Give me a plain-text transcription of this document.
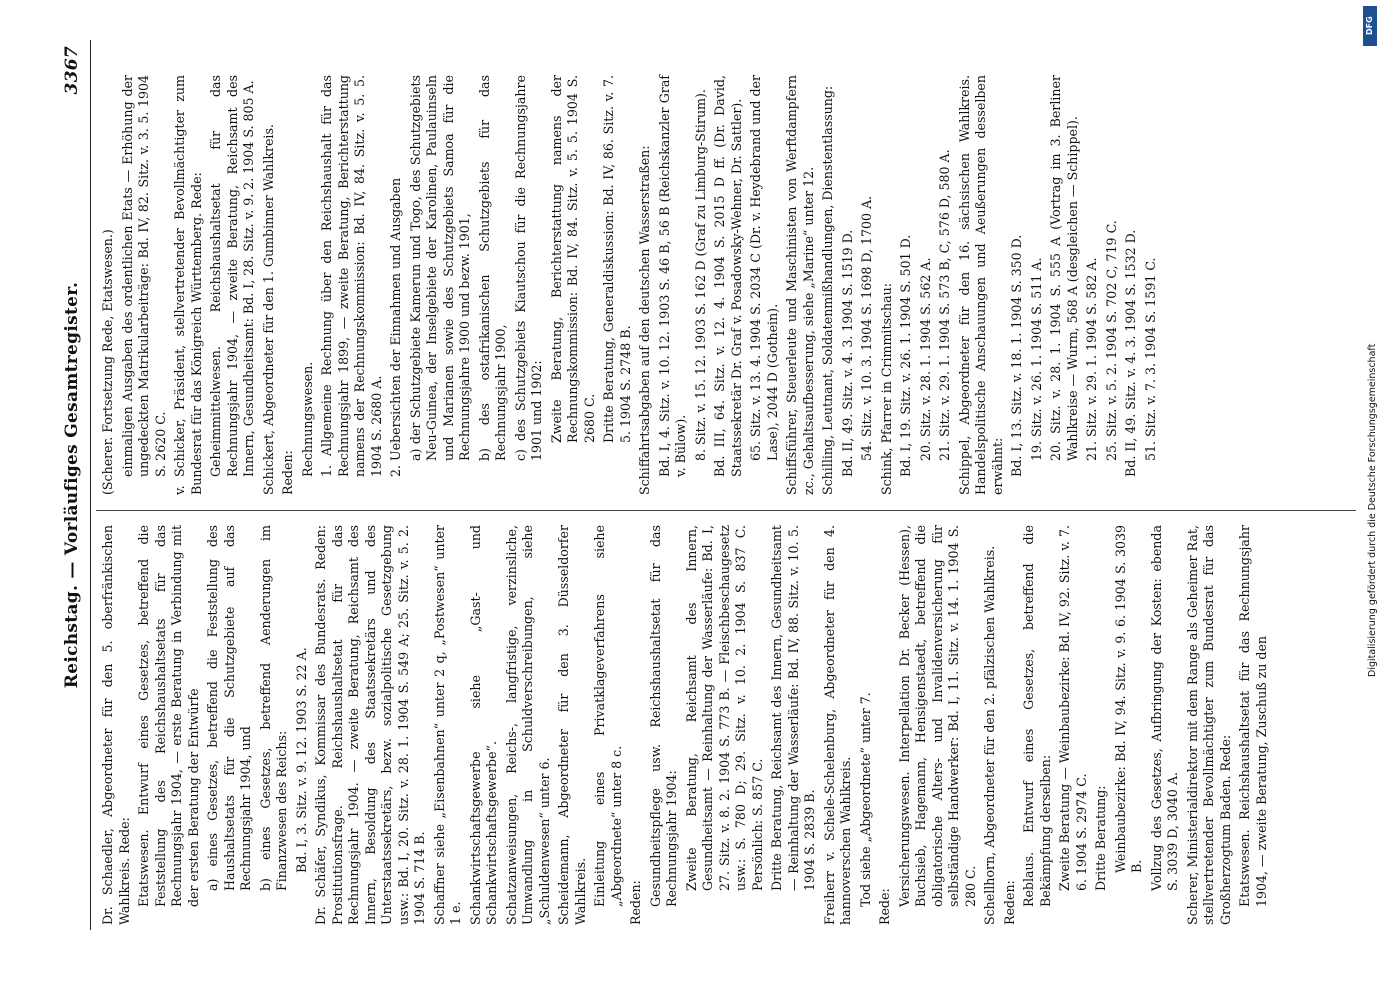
Reichstag. — Vorläufiges Gesamtregister.
3367

Dr. Schaedler, Abgeordneter für den 5. oberfränkischen Wahlkreis. Rede: Etatswesen. Entwurf eines Gesetzes, betreffend die Feststellung des Reichshaushaltsetats für das Rechnungsjahr 1904, — erste Beratung in Verbindung mit der ersten Beratung der Entwürfe a) eines Gesetzes, betreffend die Feststellung des Haushaltsetats für die Schutzgebiete auf das Rechnungsjahr 1904, und b) eines Gesetzes, betreffend Aenderungen im Finanzwesen des Reichs: Bd. I, 3. Sitz. v. 9. 12. 1903 S. 22 A. Dr. Schäfer, Syndikus, Kommissar des Bundesrats. Reden: Prostitutionsfrage. Reichshaushaltsetat für das Rechnungsjahr 1904. — zweite Beratung, Reichsamt des Innern, Besoldung des Staatssekretärs und des Unterstaatssekretärs, bezw. sozialpolitische Gesetzgebung usw.: Bd. I, 20. Sitz. v. 28. 1. 1904 S. 549 A; 25. Sitz. v. 5. 2. 1904 S. 714 B. Schaffner siehe „Eisenbahnen“ unter 2 q, „Postwesen“ unter 1 e. Schankwirtschaftsgewerbe siehe „Gast- und Schankwirtschaftsgewerbe“. Schatzanweisungen, Reichs-, langfristige, verzinsliche, Umwandlung in Schuldverschreibungen, siehe „Schuldenwesen“ unter 6. Scheidemann, Abgeordneter für den 3. Düsseldorfer Wahlkreis. Einleitung eines Privatklageverfahrens siehe „Abgeordnete“ unter 8 c. Reden: Gesundheitspflege usw. Reichshaushaltsetat für das Rechnungsjahr 1904: Zweite Beratung, Reichsamt des Innern, Gesundheitsamt — Reinhaltung der Wasserläufe: Bd. I, 27. Sitz. v. 8. 2. 1904 S. 773 B. — Fleischbeschaugesetz usw.: S. 780 D; 29. Sitz. v. 10. 2. 1904 S. 837 C. Persönlich: S. 857 C. Dritte Beratung, Reichsamt des Innern, Gesundheitsamt — Reinhaltung der Wasserläufe: Bd. IV, 88. Sitz. v. 10. 5. 1904 S. 2839 B. Freiherr v. Schele-Schelenburg, Abgeordneter für den 4. hannoverschen Wahlkreis. Tod siehe „Abgeordnete“ unter 7. Rede: Versicherungswesen. Interpellation Dr. Becker (Hessen), Buchsieb, Hagemann, Hensigenstaedt, betreffend die obligatorische Alters- und Invalidenversicherung für selbständige Handwerker: Bd. I, 11. Sitz. v. 14. 1. 1904 S. 280 C. Schellhorn, Abgeordneter für den 2. pfälzischen Wahlkreis. Reden: Reblaus. Entwurf eines Gesetzes, betreffend die Bekämpfung derselben: Zweite Beratung — Weinbaubezirke: Bd. IV, 92. Sitz. v. 7. 6. 1904 S. 2974 C. Dritte Beratung: Weinbaubezirke: Bd. IV, 94. Sitz. v. 9. 6. 1904 S. 3039 B. Vollzug des Gesetzes, Aufbringung der Kosten: ebenda S. 3039 D, 3040 A. Scherer, Ministerialdirektor mit dem Range als Geheimer Rat, stellvertretender Bevollmächtigter zum Bundesrat für das Großherzogtum Baden. Rede: Etatswesen. Reichshaushaltsetat für das Rechnungsjahr 1904, — zweite Beratung, Zuschuß zu den

(Scherer. Fortsetzung Rede, Etatswesen.) einmaligen Ausgaben des ordentlichen Etats — Erhöhung der ungedeckten Matrikularbeiträge: Bd. IV, 82. Sitz. v. 3. 5. 1904 S. 2620 C. v. Schicker, Präsident, stellvertretender Bevollmächtigter zum Bundesrat für das Königreich Württemberg. Rede: Geheimmittelwesen. Reichshaushaltsetat für das Rechnungsjahr 1904, — zweite Beratung, Reichsamt des Innern, Gesundheitsamt: Bd. I, 28. Sitz. v. 9. 2. 1904 S. 805 A. Schickert, Abgeordneter für den 1. Gumbinner Wahlkreis. Reden: Rechnungswesen. 1. Allgemeine Rechnung über den Reichshaushalt für das Rechnungsjahr 1899, — zweite Beratung, Berichterstattung namens der Rechnungskommission: Bd. IV, 84. Sitz. v. 5. 5. 1904 S. 2680 A. 2. Uebersichten der Einnahmen und Ausgaben a) der Schutzgebiete Kamerun und Togo, des Schutzgebiets Neu-Guinea, der Inselgebiete der Karolinen, Paulauinseln und Marianen sowie des Schutzgebiets Samoa für die Rechnungsjahre 1900 und bezw. 1901, b) des ostafrikanischen Schutzgebiets für das Rechnungsjahr 1900, c) des Schutzgebiets Kiautschou für die Rechnungsjahre 1901 und 1902: Zweite Beratung, Berichterstattung namens der Rechnungskommission: Bd. IV, 84. Sitz. v. 5. 5. 1904 S. 2680 C. Dritte Beratung, Generaldiskussion: Bd. IV, 86. Sitz. v. 7. 5. 1904 S. 2748 B. Schiffahrtsabgaben auf den deutschen Wasserstraßen: Bd. I, 4. Sitz. v. 10. 12. 1903 S. 46 B, 56 B (Reichskanzler Graf v. Bülow). 8. Sitz. v. 15. 12. 1903 S. 162 D (Graf zu Limburg-Stirum). Bd. III, 64. Sitz. v. 12. 4. 1904 S. 2015 D ff. (Dr. David, Staatssekretär Dr. Graf v. Posadowsky-Wehner, Dr. Sattler). 65. Sitz. v. 13. 4. 1904 S. 2034 C (Dr. v. Heydebrand und der Lase), 2044 D (Gothein). Schiffsführer, Steuerleute und Maschinisten von Werftdampfern zc., Gehaltsaufbesserung, siehe „Marine“ unter 12. Schilling, Leutnant, Soldatenmißhandlungen, Dienstentlassung: Bd. II, 49. Sitz. v. 4. 3. 1904 S. 1519 D. 54. Sitz. v. 10. 3. 1904 S. 1698 D, 1700 A. Schink, Pfarrer in Crimmitschau: Bd. I, 19. Sitz. v. 26. 1. 1904 S. 501 D. 20. Sitz. v. 28. 1. 1904 S. 562 A. 21. Sitz. v. 29. 1. 1904 S. 573 B, C, 576 D, 580 A. Schippel, Abgeordneter für den 16. sächsischen Wahlkreis. Handelspolitische Anschauungen und Aeußerungen desselben erwähnt: Bd. I, 13. Sitz. v. 18. 1. 1904 S. 350 D. 19. Sitz. v. 26. 1. 1904 S. 511 A. 20. Sitz. v. 28. 1. 1904 S. 555 A (Vortrag im 3. Berliner Wahlkreise — Wurm, 568 A (desgleichen — Schippel). 21. Sitz. v. 29. 1. 1904 S. 582 A. 25. Sitz. v. 5. 2. 1904 S. 702 C, 719 C. Bd. II, 49. Sitz. v. 4. 3. 1904 S. 1532 D. 51. Sitz. v. 7. 3. 1904 S. 1591 C.

DFG
Digitalisierung gefördert durch die Deutsche Forschungsgemeinschaft
